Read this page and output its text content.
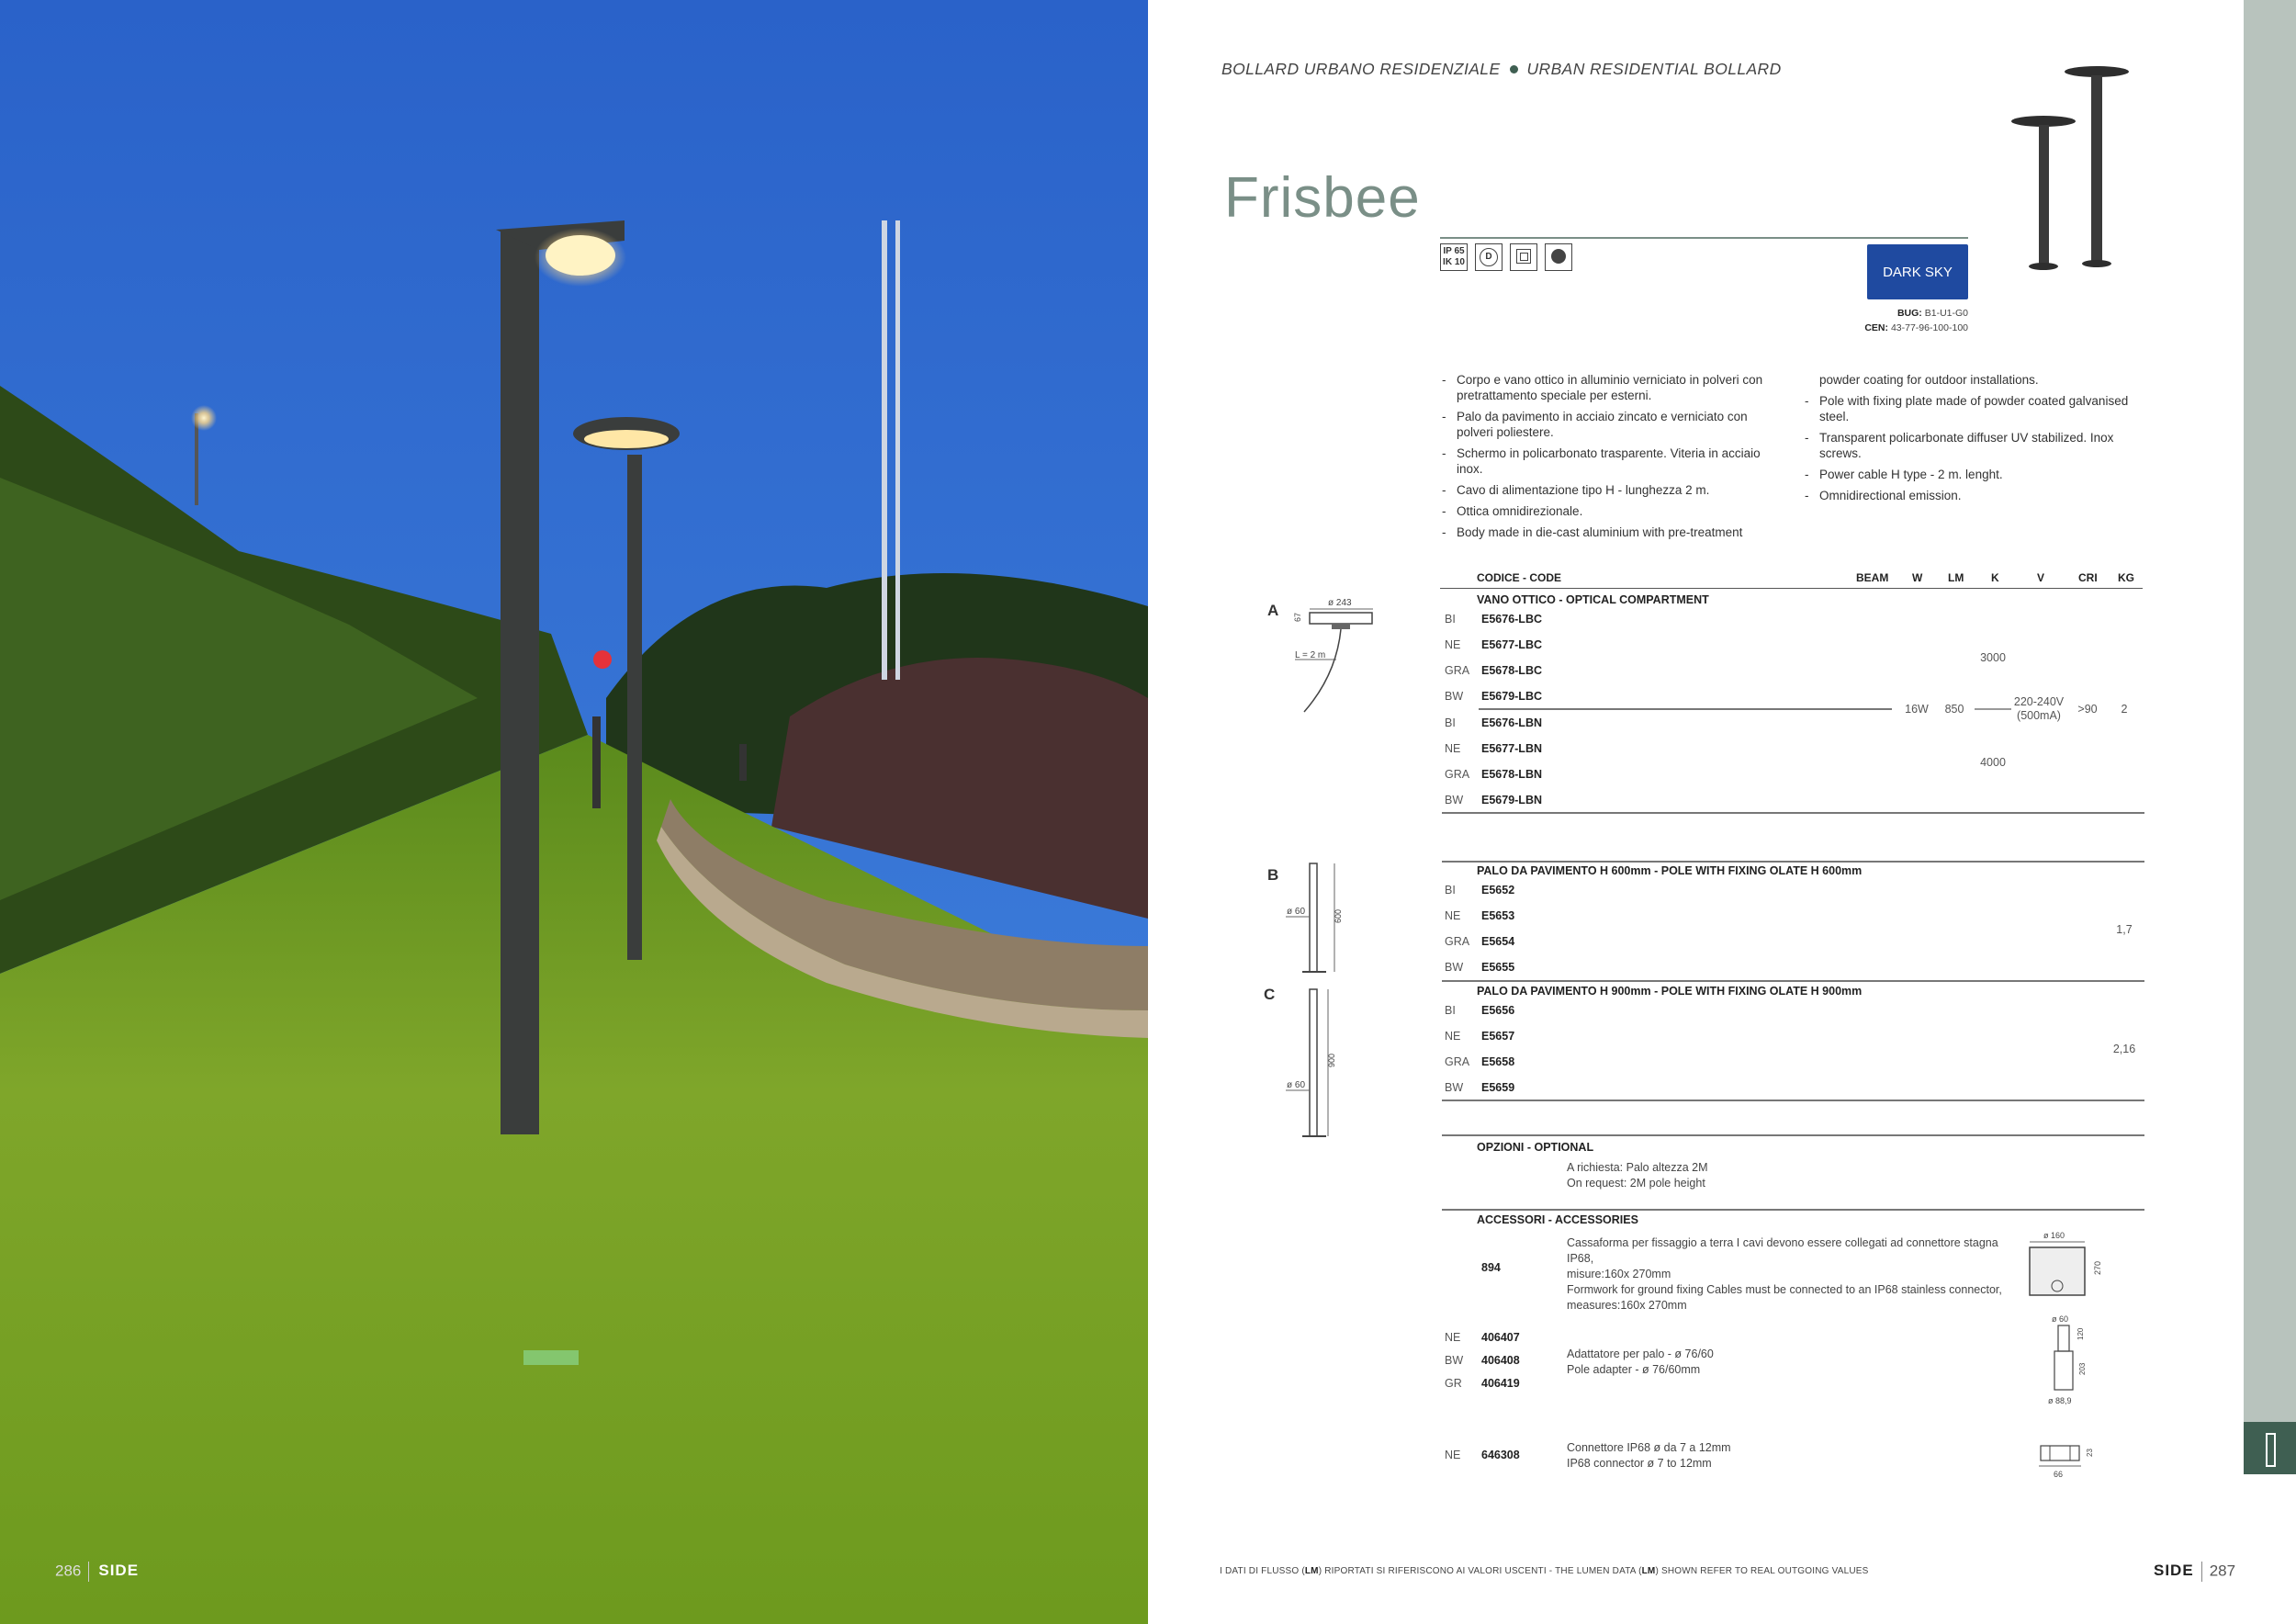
286 SIDE
BOLLARD URBANO RESIDENZIALE URBAN RESIDENTIAL BOLLARD
Frisbee
IP 65
IK 10
D
DARK SKY
BUG: B1-U1-G0
CEN: 43-77-96-100-100
- Corpo e vano ottico in alluminio verniciato in polveri con pretrattamento speciale per esterni.
- Palo da pavimento in acciaio zincato e verniciato con polveri poliestere.
- Schermo in policarbonato trasparente. Viteria in acciaio inox.
- Cavo di alimentazione tipo H - lunghezza 2 m.
- Ottica omnidirezionale.
- Body made in die-cast aluminium with pre-treatment
powder coating for outdoor installations.
- Pole with fixing plate made of powder coated galvanised steel.
- Transparent policarbonate diffuser UV stabilized. Inox screws.
- Power cable H type - 2 m. lenght.
- Omnidirectional emission.
CODICE - CODE	BEAM W LM K	V	CRI KG
A	ø 243
67
L = 2 m
VANO OTTICO - OPTICAL COMPARTMENT
BI	E5676-LBC
NE	E5677-LBC
GRA E5678-LBC
BW	E5679-LBC
BI	E5676-LBN
NE	E5677-LBN
GRA E5678-LBN
BW	E5679-LBN
3000
4000
16W	850
220-240V
(500mA)	>90	2
B
ø 60	600
PALO DA PAVIMENTO H 600mm - POLE WITH FIXING OLATE H 600mm
BI	E5652
NE	E5653
GRA E5654
BW	E5655
1,7
C
ø 60
900
PALO DA PAVIMENTO H 900mm - POLE WITH FIXING OLATE H 900mm
BI	E5656
NE	E5657
GRA E5658
BW	E5659
2,16
OPZIONI - OPTIONAL
A richiesta: Palo altezza 2M
On request: 2M pole height
ACCESSORI - ACCESSORIES
894
Cassaforma per fissaggio a terra I cavi devono essere collegati ad connettore stagna IP68,
misure:160x 270mm
Formwork for ground fixing Cables must be connected to an IP68 stainless connector,
measures:160x 270mm
ø 160
270
NE	406407
BW	406408
GR	406419
Adattatore per palo - ø 76/60
Pole adapter - ø 76/60mm
ø 60
120
203
ø 88,9
NE	646308
Connettore IP68 ø da 7 a 12mm
IP68 connector ø 7 to 12mm
66
23
I DATI DI FLUSSO (LM) RIPORTATI SI RIFERISCONO AI VALORI USCENTI - THE LUMEN DATA (LM) SHOWN REFER TO REAL OUTGOING VALUES	SIDE 287
